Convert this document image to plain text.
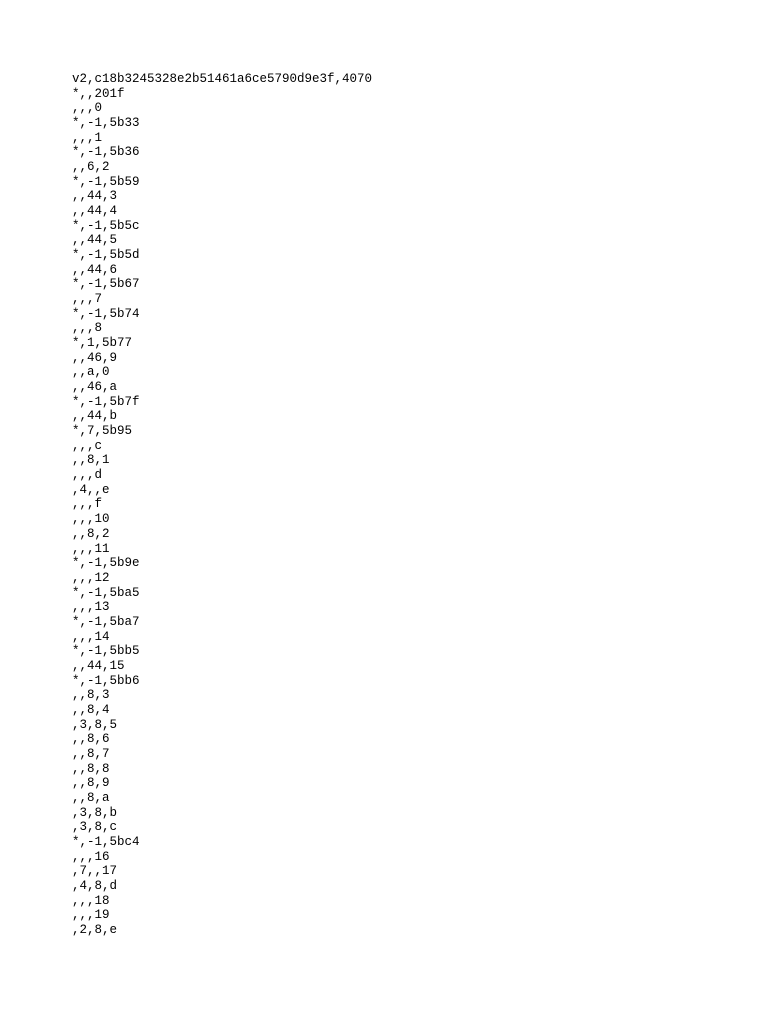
v2,c18b3245328e2b51461a6ce5790d9e3f,4070
*,,201f
,,,0
*,-1,5b33
,,,1
*,-1,5b36
,,6,2
*,-1,5b59
,,44,3
,,44,4
*,-1,5b5c
,,44,5
*,-1,5b5d
,,44,6
*,-1,5b67
,,,7
*,-1,5b74
,,,8
*,1,5b77
,,46,9
,,a,0
,,46,a
*,-1,5b7f
,,44,b
*,7,5b95
,,,c
,,8,1
,,,d
,4,,e
,,,f
,,,10
,,8,2
,,,11
*,-1,5b9e
,,,12
*,-1,5ba5
,,,13
*,-1,5ba7
,,,14
*,-1,5bb5
,,44,15
*,-1,5bb6
,,8,3
,,8,4
,3,8,5
,,8,6
,,8,7
,,8,8
,,8,9
,,8,a
,3,8,b
,3,8,c
*,-1,5bc4
,,,16
,7,,17
,4,8,d
,,,18
,,,19
,2,8,e
